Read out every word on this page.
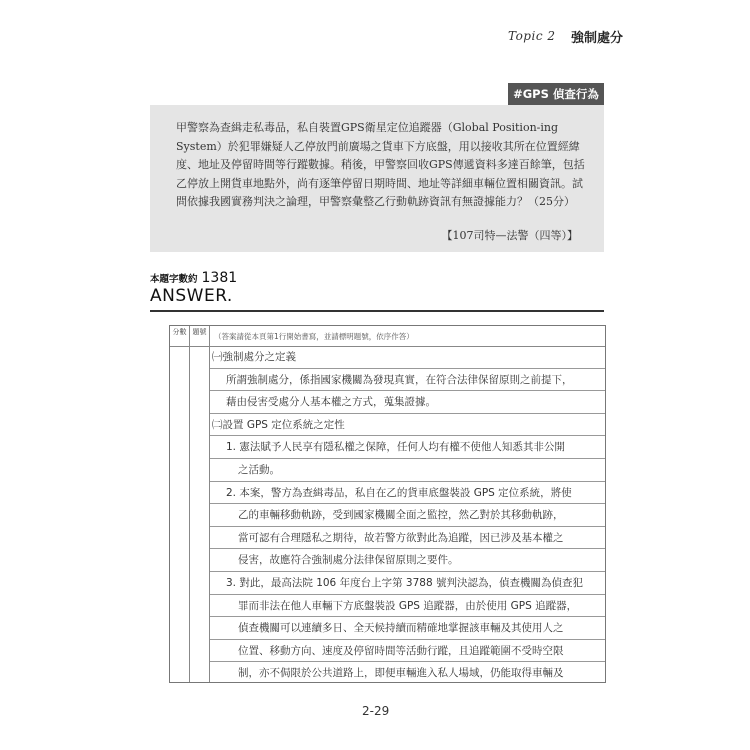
Topic 2 強制處分
#GPS 偵查行為

甲警察為查緝走私毒品，私自裝置GPS衛星定位追蹤器（Global Position-ing System）於犯罪嫌疑人乙停放門前廣場之貨車下方底盤，用以接收其所在位置經緯度、地址及停留時間等行蹤數據。稍後，甲警察回收GPS傳遞資料多達百餘筆，包括乙停放上開貨車地點外，尚有逐筆停留日期時間、地址等詳細車輛位置相關資訊。試問依據我國實務判決之論理，甲警察彙整乙行動軌跡資訊有無證據能力？（25分）

【107司特—法警（四等）】

本題字數約 1381
ANSWER.
分數 題號	（答案請從本頁第1行開始書寫，並請標明題號，依序作答）
㈠強制處分之定義
所謂強制處分，係指國家機關為發現真實，在符合法律保留原則之前提下，
藉由侵害受處分人基本權之方式，蒐集證據。
㈡設置 GPS 定位系統之定性
1. 憲法賦予人民享有隱私權之保障，任何人均有權不使他人知悉其非公開
之活動。
2. 本案，警方為查緝毒品，私自在乙的貨車底盤裝設 GPS 定位系統，將使
乙的車輛移動軌跡，受到國家機關全面之監控，然乙對於其移動軌跡，
當可認有合理隱私之期待，故若警方欲對此為追蹤，因已涉及基本權之
侵害，故應符合強制處分法律保留原則之要件。
3. 對此，最高法院 106 年度台上字第 3788 號判決認為，偵查機關為偵查犯
罪而非法在他人車輛下方底盤裝設 GPS 追蹤器，由於使用 GPS 追蹤器，
偵查機關可以連續多日、全天候持續而精確地掌握該車輛及其使用人之
位置、移動方向、速度及停留時間等活動行蹤，且追蹤範圍不受時空限
制，亦不侷限於公共道路上，即便車輛進入私人場域，仍能取得車輛及
2-29
